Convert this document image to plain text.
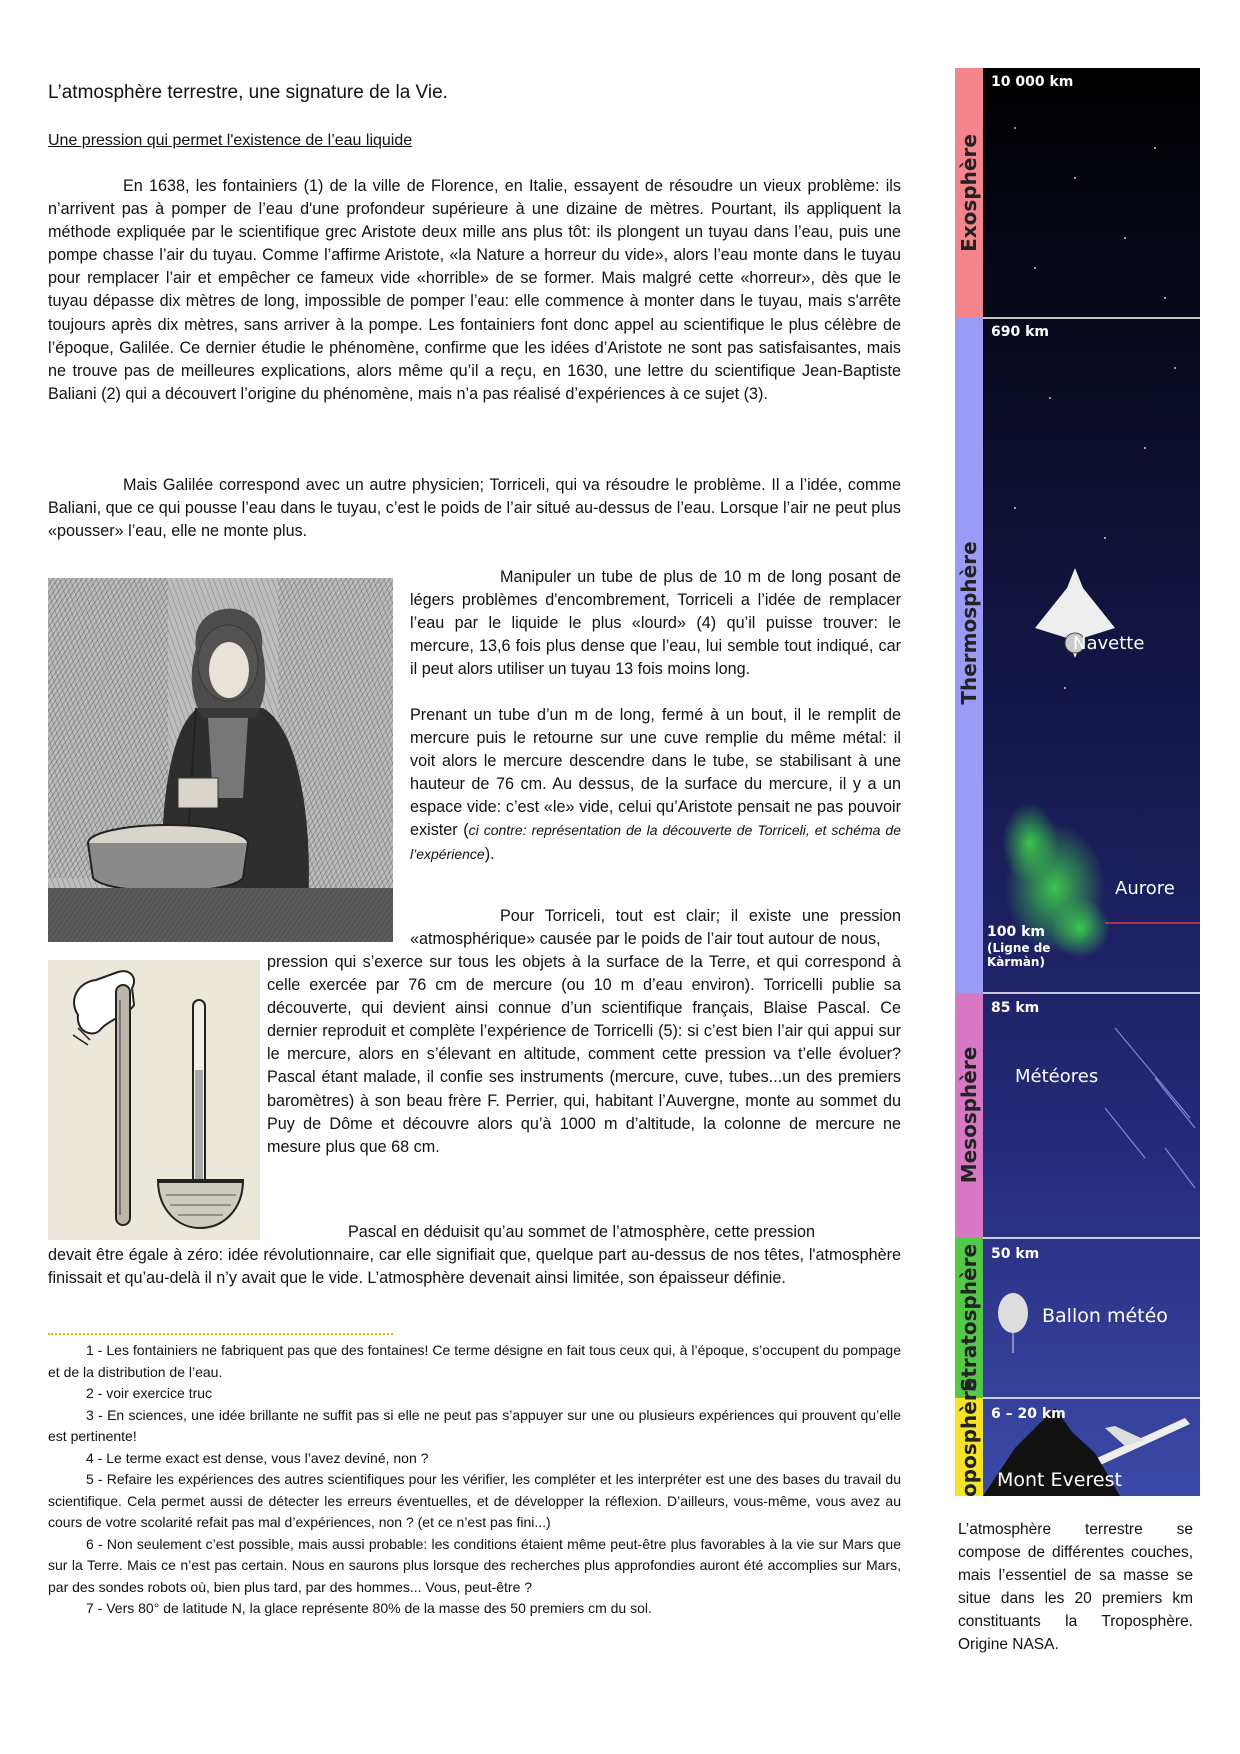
L’atmosphère terrestre, une signature de la Vie.
Une pression qui permet l'existence de l’eau liquide

En 1638, les fontainiers (1) de la ville de Florence, en Italie, essayent de résoudre un vieux problème: ils n’arrivent pas à pomper de l’eau d'une profondeur supérieure à une dizaine de mètres. Pourtant, ils appliquent la méthode expliquée par le scientifique grec Aristote deux mille ans plus tôt: ils plongent un tuyau dans l’eau, puis une pompe chasse l’air du tuyau. Comme l’affirme Aristote, «la Nature a horreur du vide», alors l’eau monte dans le tuyau pour remplacer l’air et empêcher ce fameux vide «horrible» de se former. Mais malgré cette «horreur», dès que le tuyau dépasse dix mètres de long, impossible de pomper l’eau: elle commence à monter dans le tuyau, mais s'arrête toujours après dix mètres, sans arriver à la pompe. Les fontainiers font donc appel au scientifique le plus célèbre de l’époque, Galilée. Ce dernier étudie le phénomène, confirme que les idées d’Aristote ne sont pas satisfaisantes, mais ne trouve pas de meilleures explications, alors même qu’il a reçu, en 1630, une lettre du scientifique Jean-Baptiste Baliani (2) qui a découvert l’origine du phénomène, mais n’a pas réalisé d’expériences à ce sujet (3).

Mais Galilée correspond avec un autre physicien; Torriceli, qui va résoudre le problème. Il a l’idée, comme Baliani, que ce qui pousse l’eau dans le tuyau, c’est le poids de l’air situé au-dessus de l’eau. Lorsque l’air ne peut plus «pousser» l’eau, elle ne monte plus.

Manipuler un tube de plus de 10 m de long posant de légers problèmes d'encombrement, Torriceli a l’idée de remplacer l’eau par le liquide le plus «lourd» (4) qu’il puisse trouver: le mercure, 13,6 fois plus dense que l’eau, lui semble tout indiqué, car il peut alors utiliser un tuyau 13 fois moins long.

Prenant un tube d’un m de long, fermé à un bout, il le remplit de mercure puis le retourne sur une cuve remplie du même métal: il voit alors le mercure descendre dans le tube, se stabilisant à une hauteur de 76 cm. Au dessus, de la surface du mercure, il y a un espace vide: c’est «le» vide, celui qu’Aristote pensait ne pas pouvoir exister (ci contre: représentation de la découverte de Torriceli, et schéma de l’expérience).

Pour Torriceli, tout est clair; il existe une pression «atmosphérique» causée par le poids de l’air tout autour de nous,

pression qui s’exerce sur tous les objets à la surface de la Terre, et qui correspond à celle exercée par 76 cm de mercure (ou 10 m d’eau environ). Torricelli publie sa découverte, qui devient ainsi connue d’un scientifique français, Blaise Pascal. Ce dernier reproduit et complète l’expérience de Torricelli (5): si c’est bien l’air qui appui sur le mercure, alors en s’élevant en altitude, comment cette pression va t’elle évoluer? Pascal étant malade, il confie ses instruments (mercure, cuve, tubes...un des premiers baromètres) à son beau frère F. Perrier, qui, habitant l’Auvergne, monte au sommet du Puy de Dôme et découvre alors qu’à 1000 m d’altitude, la colonne de mercure ne mesure plus que 68 cm.

Pascal en déduisit qu’au sommet de l’atmosphère, cette pression
devait être égale à zéro: idée révolutionnaire, car elle signifiait que, quelque part au-dessus de nos têtes, l'atmosphère finissait et qu’au-delà il n’y avait que le vide. L’atmosphère devenait ainsi limitée, son épaisseur définie.

1 - Les fontainiers ne fabriquent pas que des fontaines! Ce terme désigne en fait tous ceux qui, à l’époque, s’occupent du pompage et de la distribution de l’eau.

2 - voir exercice truc

3 - En sciences, une idée brillante ne suffit pas si elle ne peut pas s’appuyer sur une ou plusieurs expériences qui prouvent qu’elle est pertinente!

4 - Le terme exact est dense, vous l’avez deviné, non ?

5 - Refaire les expériences des autres scientifiques pour les vérifier, les compléter et les interpréter est une des bases du travail du scientifique. Cela permet aussi de détecter les erreurs éventuelles, et de développer la réflexion. D’ailleurs, vous-même, vous avez au cours de votre scolarité refait pas mal d’expériences, non ? (et ce n’est pas fini...)

6 - Non seulement c’est possible, mais aussi probable: les conditions étaient même peut-être plus favorables à la vie sur Mars que sur la Terre. Mais ce n’est pas certain. Nous en saurons plus lorsque des recherches plus approfondies auront été accomplies sur Mars, par des sondes robots où, bien plus tard, par des hommes... Vous, peut-être ?

7 - Vers 80° de latitude N, la glace représente 80% de la masse des 50 premiers cm du sol.

Exosphère
Thermosphère
Mesosphère
Stratosphère
Troposphère
10 000 km
690 km
100 km
(Ligne de
Kàrmàn)
85 km
50 km
6 – 20 km
Navette
Aurore
Météores
Ballon météo
Mont Everest
L’atmosphère terrestre se compose de différentes couches, mais l’essentiel de sa masse se situe dans les 20 premiers km constituants la Troposphère. Origine NASA.
